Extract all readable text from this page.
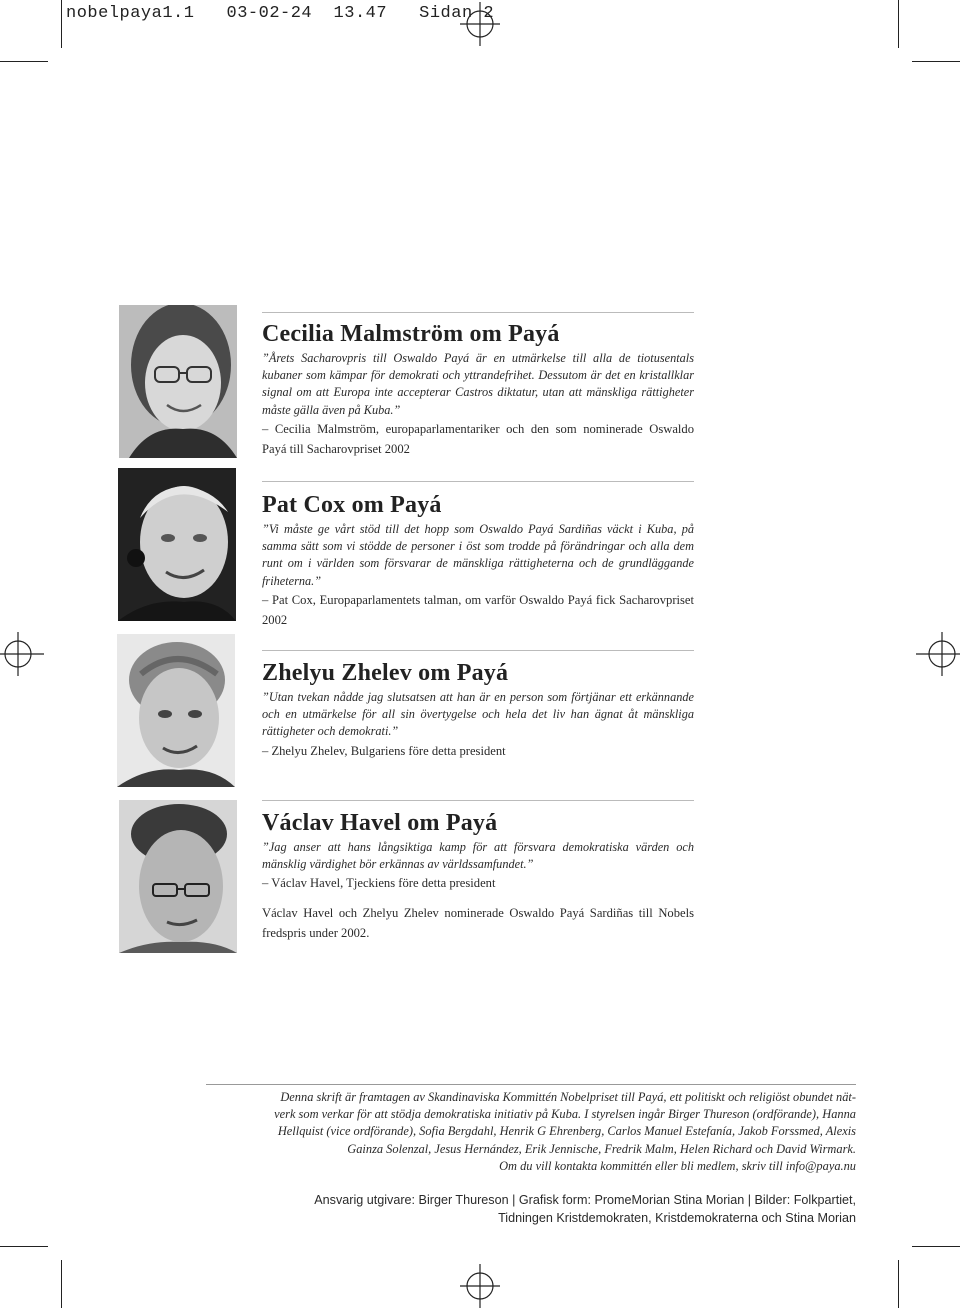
nobelpaya1.1   03-02-24  13.47   Sidan 2
Cecilia Malmström om Payá

”Årets Sacharovpris till Oswaldo Payá är en utmärkelse till alla de tiotusentals kubaner som kämpar för demokrati och yttrandefrihet. Dessutom är det en kristallklar signal om att Europa inte accepterar Castros diktatur, utan att mänskliga rättigheter måste gälla även på Kuba.”

– Cecilia Malmström, europaparlamentariker och den som nominerade Oswaldo Payá till Sacharovpriset 2002

Pat Cox om Payá

”Vi måste ge vårt stöd till det hopp som Oswaldo Payá Sardiñas väckt i Kuba, på samma sätt som vi stödde de personer i öst som trodde på förändringar och alla dem runt om i världen som försvarar de mänskliga rättigheterna och de grundläggande friheterna.”

– Pat Cox, Europaparlamentets talman, om varför Oswaldo Payá fick Sacharovpriset 2002

Zhelyu Zhelev om Payá

”Utan tvekan nådde jag slutsatsen att han är en person som förtjänar ett erkännande och en utmärkelse för all sin övertygelse och hela det liv han ägnat åt mänskliga rättigheter och demokrati.”

– Zhelyu Zhelev, Bulgariens före detta president

Václav Havel om Payá

”Jag anser att hans långsiktiga kamp för att försvara demokratiska värden och mänsklig värdighet bör erkännas av världssamfundet.”

– Václav Havel, Tjeckiens före detta president

Václav Havel och Zhelyu Zhelev nominerade Oswaldo Payá Sardiñas till Nobels fredspris under 2002.

Denna skrift är framtagen av Skandinaviska Kommittén Nobelpriset till Payá, ett politiskt och religiöst obundet nät-
verk som verkar för att stödja demokratiska initiativ på Kuba. I styrelsen ingår Birger Thureson (ordförande), Hanna
Hellquist (vice ordförande), Sofia Bergdahl, Henrik G Ehrenberg, Carlos Manuel Estefanía, Jakob Forssmed, Alexis
Gainza Solenzal, Jesus Hernández, Erik Jennische, Fredrik Malm, Helen Richard och David Wirmark.
Om du vill kontakta kommittén eller bli medlem, skriv till info@paya.nu
Ansvarig utgivare: Birger Thureson | Grafisk form: PromeMorian Stina Morian | Bilder: Folkpartiet,
Tidningen Kristdemokraten, Kristdemokraterna och Stina Morian
